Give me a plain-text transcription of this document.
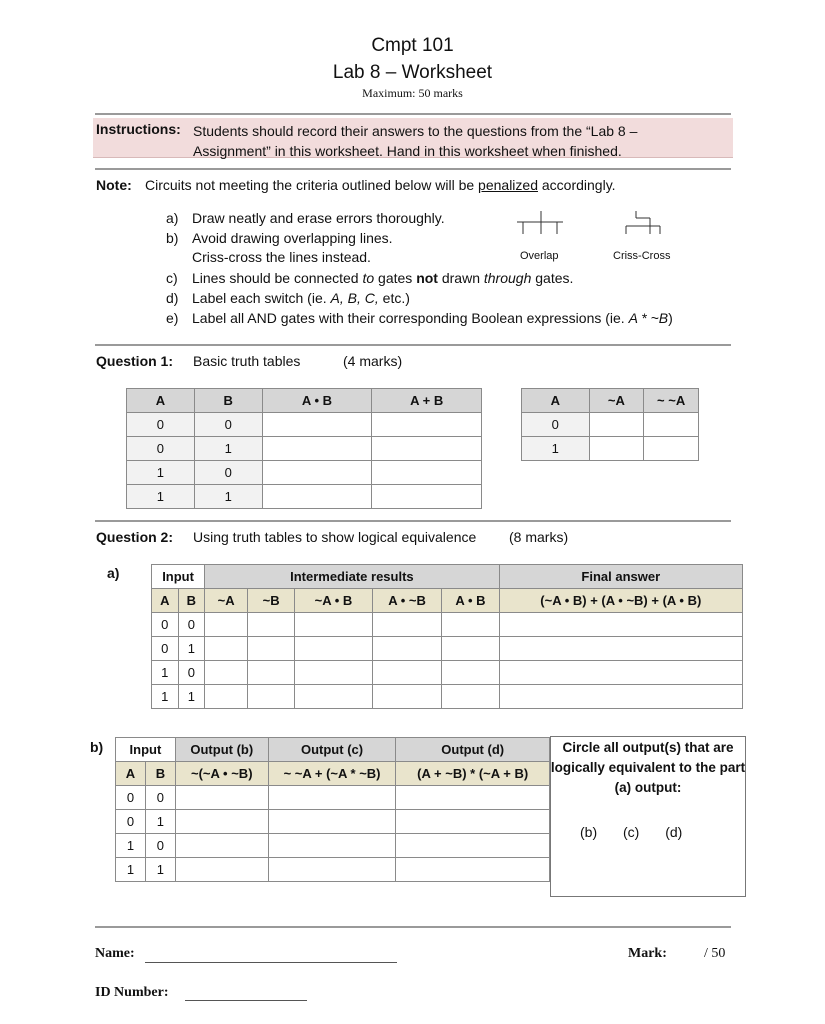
Cmpt 101
Lab 8 – Worksheet
Maximum: 50 marks
Instructions: Students should record their answers to the questions from the “Lab 8 –
Assignment” in this worksheet. Hand in this worksheet when finished.
Note: Circuits not meeting the criteria outlined below will be penalized accordingly.
a) Draw neatly and erase errors thoroughly.
b) Avoid drawing overlapping lines.
Criss-cross the lines instead.
c) Lines should be connected to gates not drawn through gates.
d) Label each switch (ie. A, B, C, etc.)
e) Label all AND gates with their corresponding Boolean expressions (ie. A * ~B)
Overlap	Criss-Cross
Question 1: Basic truth tables	(4 marks)
A	B	A • B	A + B
0	0		
0	1		
1	0		
1	1		
A	~A	~ ~A
0		
1		
Question 2: Using truth tables to show logical equivalence (8 marks)
a)	Input		Intermediate results					Final answer
A	B	~A	~B	~A • B	A • ~B	A • B	(~A • B) + (A • ~B) + (A • B)
0	0						
0	1						
1	0						
1	1						
b) Input		Output (b)	Output (c)	Output (d)
A	B	~(~A • ~B)	~ ~A + (~A * ~B)	(A + ~B) * (~A + B)
0	0			
0	1			
1	0			
1	1			
Circle all output(s) that are logically equivalent to the part (a) output:
(b) (c) (d)
Name:
ID Number:
Mark:	/ 50
